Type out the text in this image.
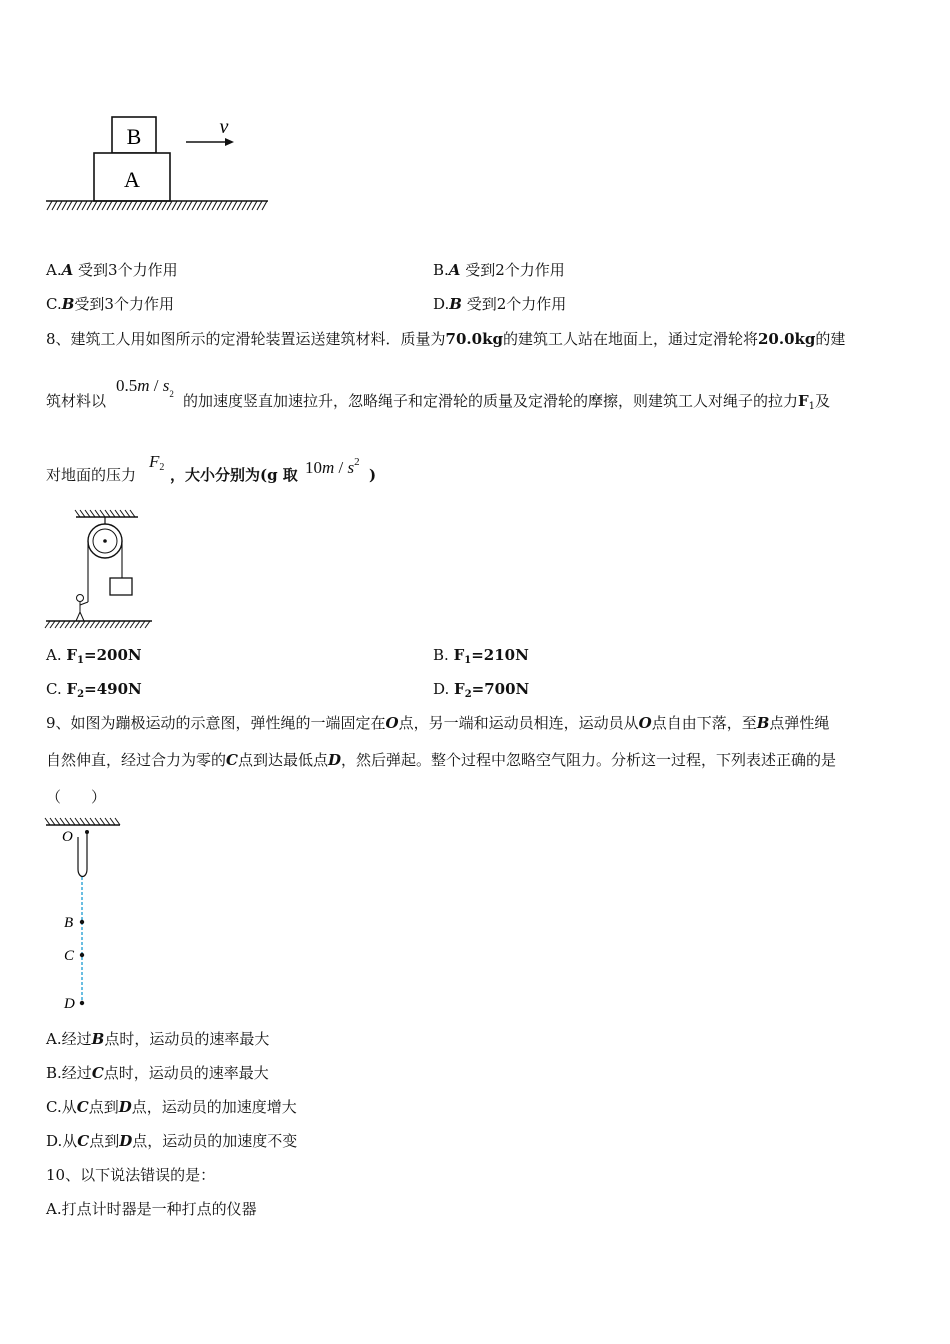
B
A
v
A.A 受到3个力作用	B.A 受到2个力作用
C.B受到3个力作用	D.B 受到2个力作用
8、建筑工人用如图所示的定滑轮装置运送建筑材料．质量为70.0kg的建筑工人站在地面上，通过定滑轮将20.0kg的建
筑材料以
$0.5m / s_2$ 的加速度竖直加速拉升，忽略绳子和定滑轮的质量及定滑轮的摩擦，则建筑工人对绳子的拉力$F_1$及
对地面的压力
$F_2$ ，大小分别为(g 取 $10m / s^2$
)
A. $F_1=200N$	B. $F_1=210N$
C. $F_2=490N$	D. $F_2=700N$
9、如图为蹦极运动的示意图，弹性绳的一端固定在O点，另一端和运动员相连，运动员从O点自由下落，至B点弹性绳
自然伸直，经过合力为零的C点到达最低点D，然后弹起。整个过程中忽略空气阻力。分析这一过程，下列表述正确的是
（　　）
O
B
C
D
A.经过B点时，运动员的速率最大
B.经过C点时，运动员的速率最大
C.从C点到D点，运动员的加速度增大
D.从C点到D点，运动员的加速度不变
10、以下说法错误的是：
A.打点计时器是一种打点的仪器
